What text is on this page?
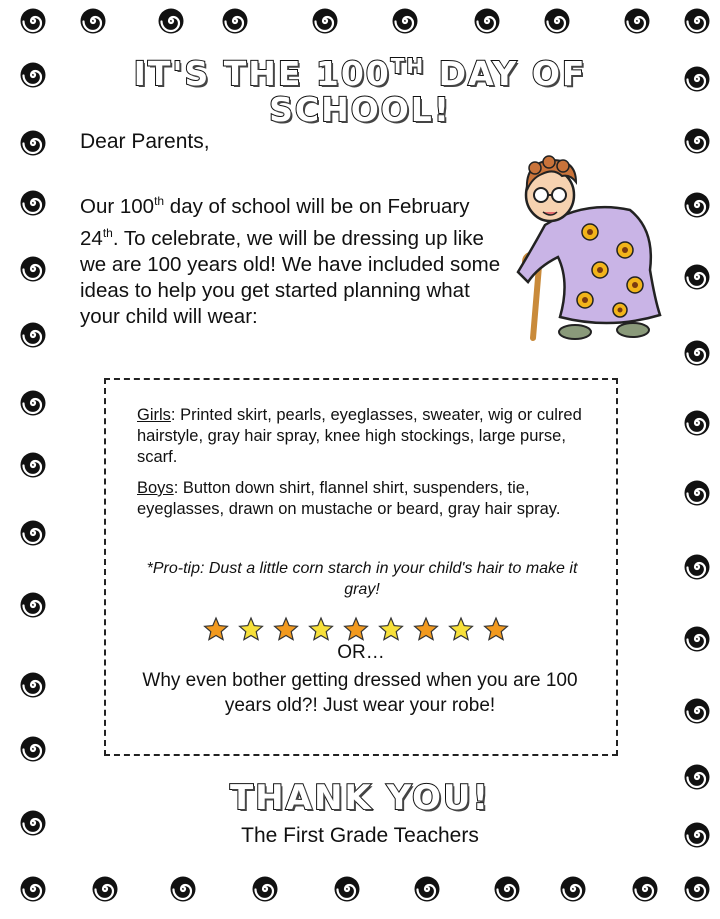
IT'S THE 100TH DAY OF
SCHOOL!
Dear Parents,
Our 100th day of school will be on February 24th. To celebrate, we will be dressing up like we are 100 years old! We have included some ideas to help you get started planning what your child will wear:

Girls: Printed skirt, pearls, eyeglasses, sweater, wig or culred hairstyle, gray hair spray, knee high stockings, large purse, scarf.

Boys: Button down shirt, flannel shirt, suspenders, tie, eyeglasses, drawn on mustache or beard, gray hair spray.

*Pro-tip: Dust a little corn starch in your child's hair to make it gray!
OR…
Why even bother getting dressed when you are 100 years old?! Just wear your robe!
THANK YOU!
The First Grade Teachers
